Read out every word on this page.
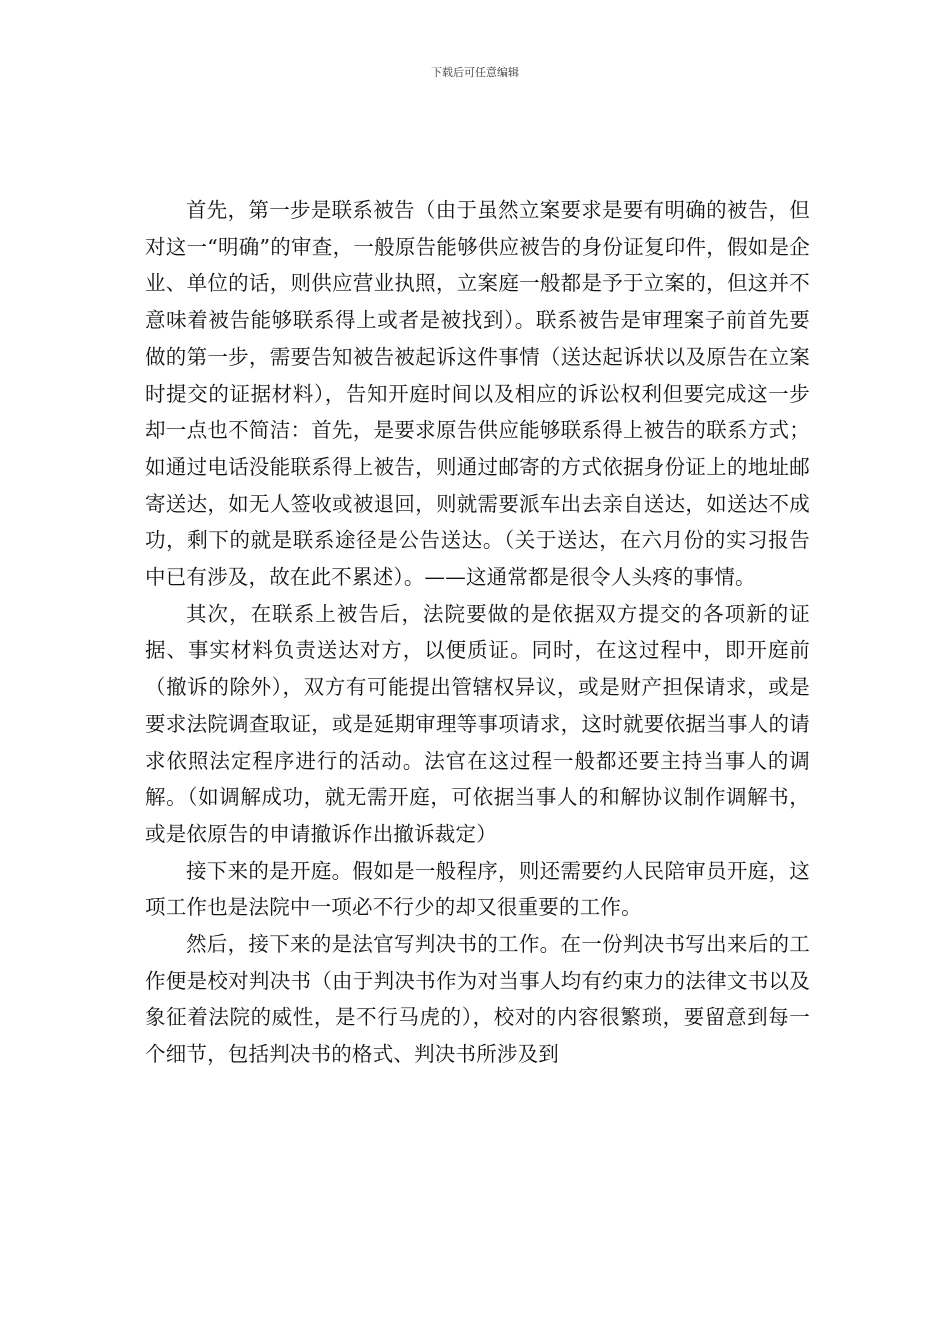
下载后可任意编辑

首先，第一步是联系被告（由于虽然立案要求是要有明确的被告，但对这一“明确”的审查，一般原告能够供应被告的身份证复印件，假如是企业、单位的话，则供应营业执照，立案庭一般都是予于立案的，但这并不意味着被告能够联系得上或者是被找到）。联系被告是审理案子前首先要做的第一步，需要告知被告被起诉这件事情（送达起诉状以及原告在立案时提交的证据材料），告知开庭时间以及相应的诉讼权利但要完成这一步却一点也不简洁：首先，是要求原告供应能够联系得上被告的联系方式；如通过电话没能联系得上被告，则通过邮寄的方式依据身份证上的地址邮寄送达，如无人签收或被退回，则就需要派车出去亲自送达，如送达不成功，剩下的就是联系途径是公告送达。（关于送达，在六月份的实习报告中已有涉及，故在此不累述）。——这通常都是很令人头疼的事情。

其次，在联系上被告后，法院要做的是依据双方提交的各项新的证据、事实材料负责送达对方，以便质证。同时，在这过程中，即开庭前（撤诉的除外），双方有可能提出管辖权异议，或是财产担保请求，或是要求法院调查取证，或是延期审理等事项请求，这时就要依据当事人的请求依照法定程序进行的活动。法官在这过程一般都还要主持当事人的调解。（如调解成功，就无需开庭，可依据当事人的和解协议制作调解书，或是依原告的申请撤诉作出撤诉裁定）

接下来的是开庭。假如是一般程序，则还需要约人民陪审员开庭，这项工作也是法院中一项必不行少的却又很重要的工作。

然后，接下来的是法官写判决书的工作。在一份判决书写出来后的工作便是校对判决书（由于判决书作为对当事人均有约束力的法律文书以及象征着法院的威性，是不行马虎的），校对的内容很繁琐，要留意到每一个细节，包括判决书的格式、判决书所涉及到
